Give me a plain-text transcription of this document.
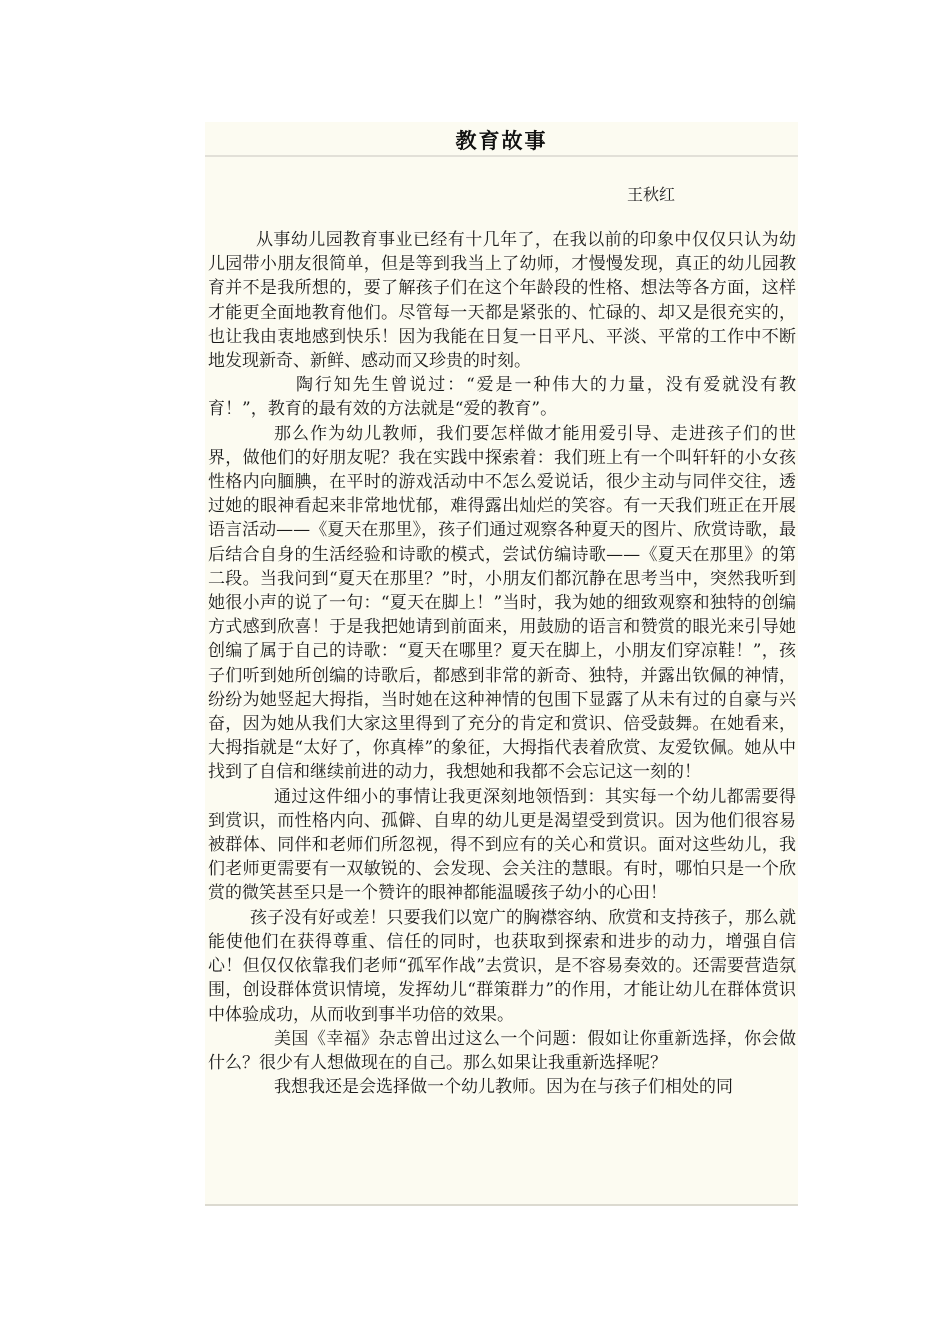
教育故事
王秋红

从事幼儿园教育事业已经有十几年了，在我以前的印象中仅仅只认为幼儿园带小朋友很简单，但是等到我当上了幼师，才慢慢发现，真正的幼儿园教育并不是我所想的，要了解孩子们在这个年龄段的性格、想法等各方面，这样才能更全面地教育他们。尽管每一天都是紧张的、忙碌的、却又是很充实的，也让我由衷地感到快乐！因为我能在日复一日平凡、平淡、平常的工作中不断地发现新奇、新鲜、感动而又珍贵的时刻。

陶行知先生曾说过：“爱是一种伟大的力量，没有爱就没有教育！”，教育的最有效的方法就是“爱的教育”。

那么作为幼儿教师，我们要怎样做才能用爱引导、走进孩子们的世界，做他们的好朋友呢？我在实践中探索着：我们班上有一个叫轩轩的小女孩性格内向腼腆，在平时的游戏活动中不怎么爱说话，很少主动与同伴交往，透过她的眼神看起来非常地忧郁，难得露出灿烂的笑容。有一天我们班正在开展语言活动——《夏天在那里》，孩子们通过观察各种夏天的图片、欣赏诗歌，最后结合自身的生活经验和诗歌的模式，尝试仿编诗歌——《夏天在那里》的第二段。当我问到“夏天在那里？”时，小朋友们都沉静在思考当中，突然我听到她很小声的说了一句：“夏天在脚上！”当时，我为她的细致观察和独特的创编方式感到欣喜！于是我把她请到前面来，用鼓励的语言和赞赏的眼光来引导她创编了属于自己的诗歌：“夏天在哪里？夏天在脚上，小朋友们穿凉鞋！”，孩子们听到她所创编的诗歌后，都感到非常的新奇、独特，并露出钦佩的神情，纷纷为她竖起大拇指，当时她在这种神情的包围下显露了从未有过的自豪与兴奋，因为她从我们大家这里得到了充分的肯定和赏识、倍受鼓舞。在她看来，大拇指就是“太好了，你真棒”的象征，大拇指代表着欣赏、友爱钦佩。她从中找到了自信和继续前进的动力，我想她和我都不会忘记这一刻的！

通过这件细小的事情让我更深刻地领悟到：其实每一个幼儿都需要得到赏识，而性格内向、孤僻、自卑的幼儿更是渴望受到赏识。因为他们很容易被群体、同伴和老师们所忽视，得不到应有的关心和赏识。面对这些幼儿，我们老师更需要有一双敏锐的、会发现、会关注的慧眼。有时，哪怕只是一个欣赏的微笑甚至只是一个赞许的眼神都能温暖孩子幼小的心田！

孩子没有好或差！只要我们以宽广的胸襟容纳、欣赏和支持孩子，那么就能使他们在获得尊重、信任的同时，也获取到探索和进步的动力，增强自信心！但仅仅依靠我们老师“孤军作战”去赏识，是不容易奏效的。还需要营造氛围，创设群体赏识情境，发挥幼儿“群策群力”的作用，才能让幼儿在群体赏识中体验成功，从而收到事半功倍的效果。

美国《幸福》杂志曾出过这么一个问题：假如让你重新选择，你会做什么？很少有人想做现在的自己。那么如果让我重新选择呢？

我想我还是会选择做一个幼儿教师。因为在与孩子们相处的同
